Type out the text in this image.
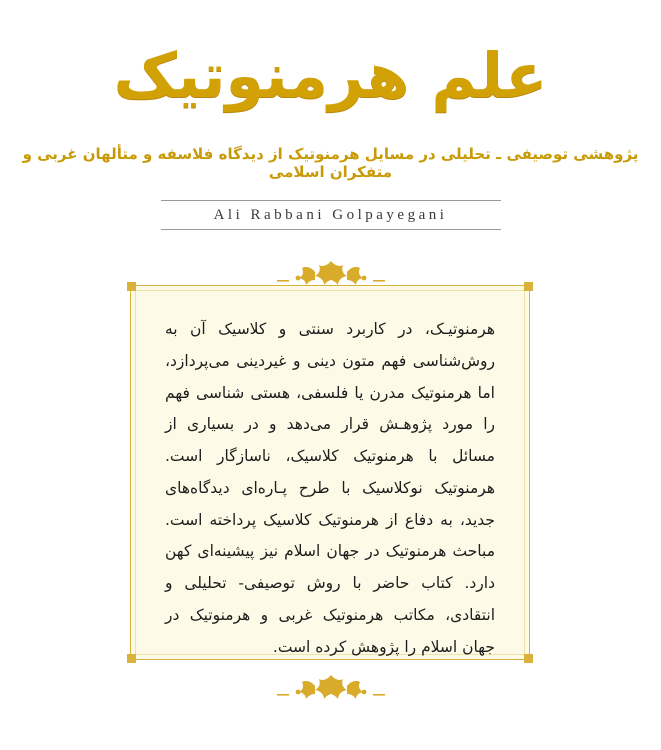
علم هرمنوتیک
پژوهشی توصیفی ـ تحلیلی در مسایل هرمنوتیک از دیدگاه فلاسفه و متألهان غربی و متفکران اسلامی
Ali Rabbani Golpayegani
هرمنوتیـک، در کاربرد سنتی و کلاسیک آن به روش‌شناسی فهم متون دینی و غیردینی می‌پردازد، اما هرمنوتیک مدرن یا فلسفی، هستی شناسی فهم را مورد پژوهـش قرار می‌دهد و در بسیاری از مسائل با هرمنوتیک کلاسیک، ناسازگار است. هرمنوتیک نوکلاسیک با طرح پـاره‌ای دیدگاه‌های جدید، به دفاع از هرمنوتیک کلاسیک پرداخته است. مباحث هرمنوتیک در جهان اسلام نیز پیشینه‌ای کهن دارد. کتاب حاضر با روش توصیفی- تحلیلی و انتقادی، مکاتب هرمنوتیک غربی و هرمنوتیک در جهان اسلام را پژوهش کرده است.
